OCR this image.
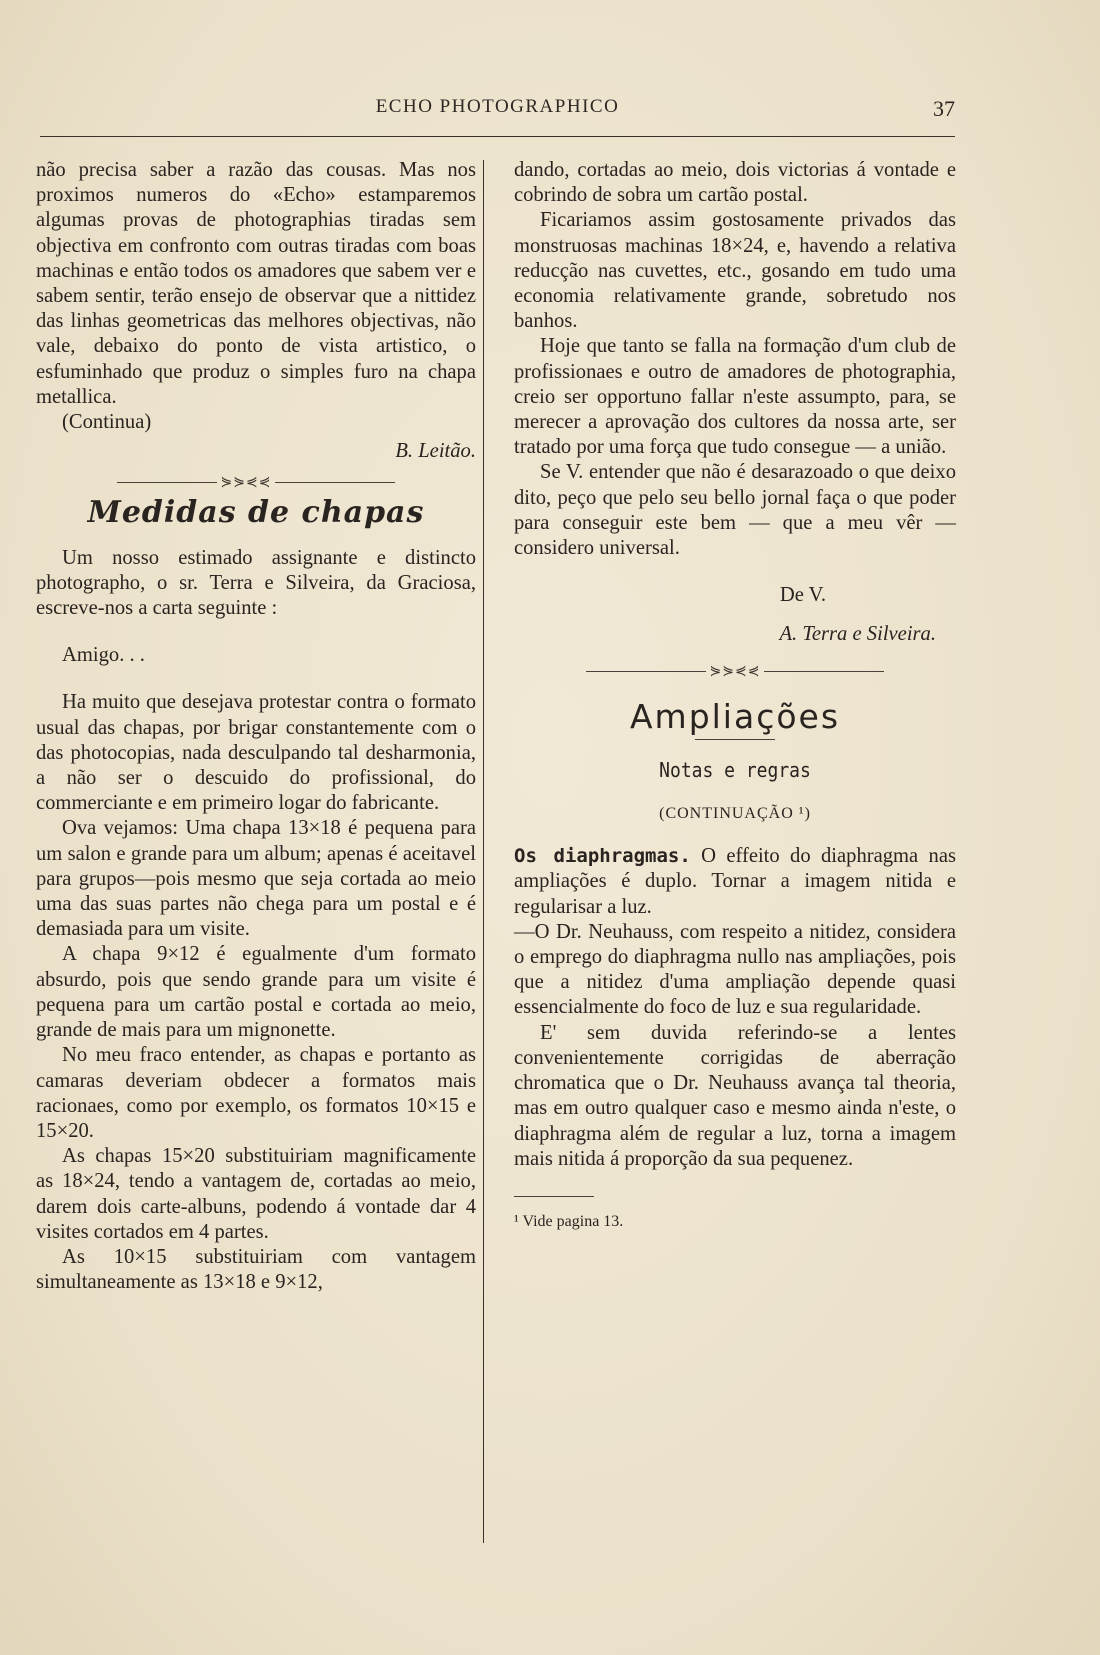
ECHO PHOTOGRAPHICO	37

não precisa saber a razão das cousas. Mas nos proximos numeros do «Echo» estamparemos algumas provas de photographias tiradas sem objectiva em confronto com outras tiradas com boas machinas e então todos os amadores que sabem ver e sabem sentir, terão ensejo de observar que a nittidez das linhas geometricas das melhores objectivas, não vale, debaixo do ponto de vista artistico, o esfuminhado que produz o simples furo na chapa metallica.

(Continua)

B. Leitão.

⋟⋟⋞⋞
Medidas de chapas

Um nosso estimado assignante e distincto photographo, o sr. Terra e Silveira, da Graciosa, escreve-nos a carta seguinte :

Amigo. . .

Ha muito que desejava protestar contra o formato usual das chapas, por brigar constantemente com o das photocopias, nada desculpando tal desharmonia, a não ser o descuido do profissional, do commerciante e em primeiro logar do fabricante.

Ova vejamos: Uma chapa 13×18 é pequena para um salon e grande para um album; apenas é aceitavel para grupos—pois mesmo que seja cortada ao meio uma das suas partes não chega para um postal e é demasiada para um visite.

A chapa 9×12 é egualmente d'um formato absurdo, pois que sendo grande para um visite é pequena para um cartão postal e cortada ao meio, grande de mais para um mignonette.

No meu fraco entender, as chapas e portanto as camaras deveriam obdecer a formatos mais racionaes, como por exemplo, os formatos 10×15 e 15×20.

As chapas 15×20 substituiriam magnificamente as 18×24, tendo a vantagem de, cortadas ao meio, darem dois carte-albuns, podendo á vontade dar 4 visites cortados em 4 partes.

As 10×15 substituiriam com vantagem simultaneamente as 13×18 e 9×12,

dando, cortadas ao meio, dois victorias á vontade e cobrindo de sobra um cartão postal.

Ficariamos assim gostosamente privados das monstruosas machinas 18×24, e, havendo a relativa reducção nas cuvettes, etc., gosando em tudo uma economia relativamente grande, sobretudo nos banhos.

Hoje que tanto se falla na formação d'um club de profissionaes e outro de amadores de photographia, creio ser opportuno fallar n'este assumpto, para, se merecer a aprovação dos cultores da nossa arte, ser tratado por uma força que tudo consegue — a união.

Se V. entender que não é desarazoado o que deixo dito, peço que pelo seu bello jornal faça o que poder para conseguir este bem — que a meu vêr — considero universal.

De V.

A. Terra e Silveira.

⋟⋟⋞⋞
Ampliações
Notas e regras
(CONTINUAÇÃO ¹)

Os diaphragmas. O effeito do diaphragma nas ampliações é duplo. Tornar a imagem nitida e regularisar a luz.

—O Dr. Neuhauss, com respeito a nitidez, considera o emprego do diaphragma nullo nas ampliações, pois que a nitidez d'uma ampliação depende quasi essencialmente do foco de luz e sua regularidade.

E' sem duvida referindo-se a lentes convenientemente corrigidas de aberração chromatica que o Dr. Neuhauss avança tal theoria, mas em outro qualquer caso e mesmo ainda n'este, o diaphragma além de regular a luz, torna a imagem mais nitida á proporção da sua pequenez.

¹ Vide pagina 13.
